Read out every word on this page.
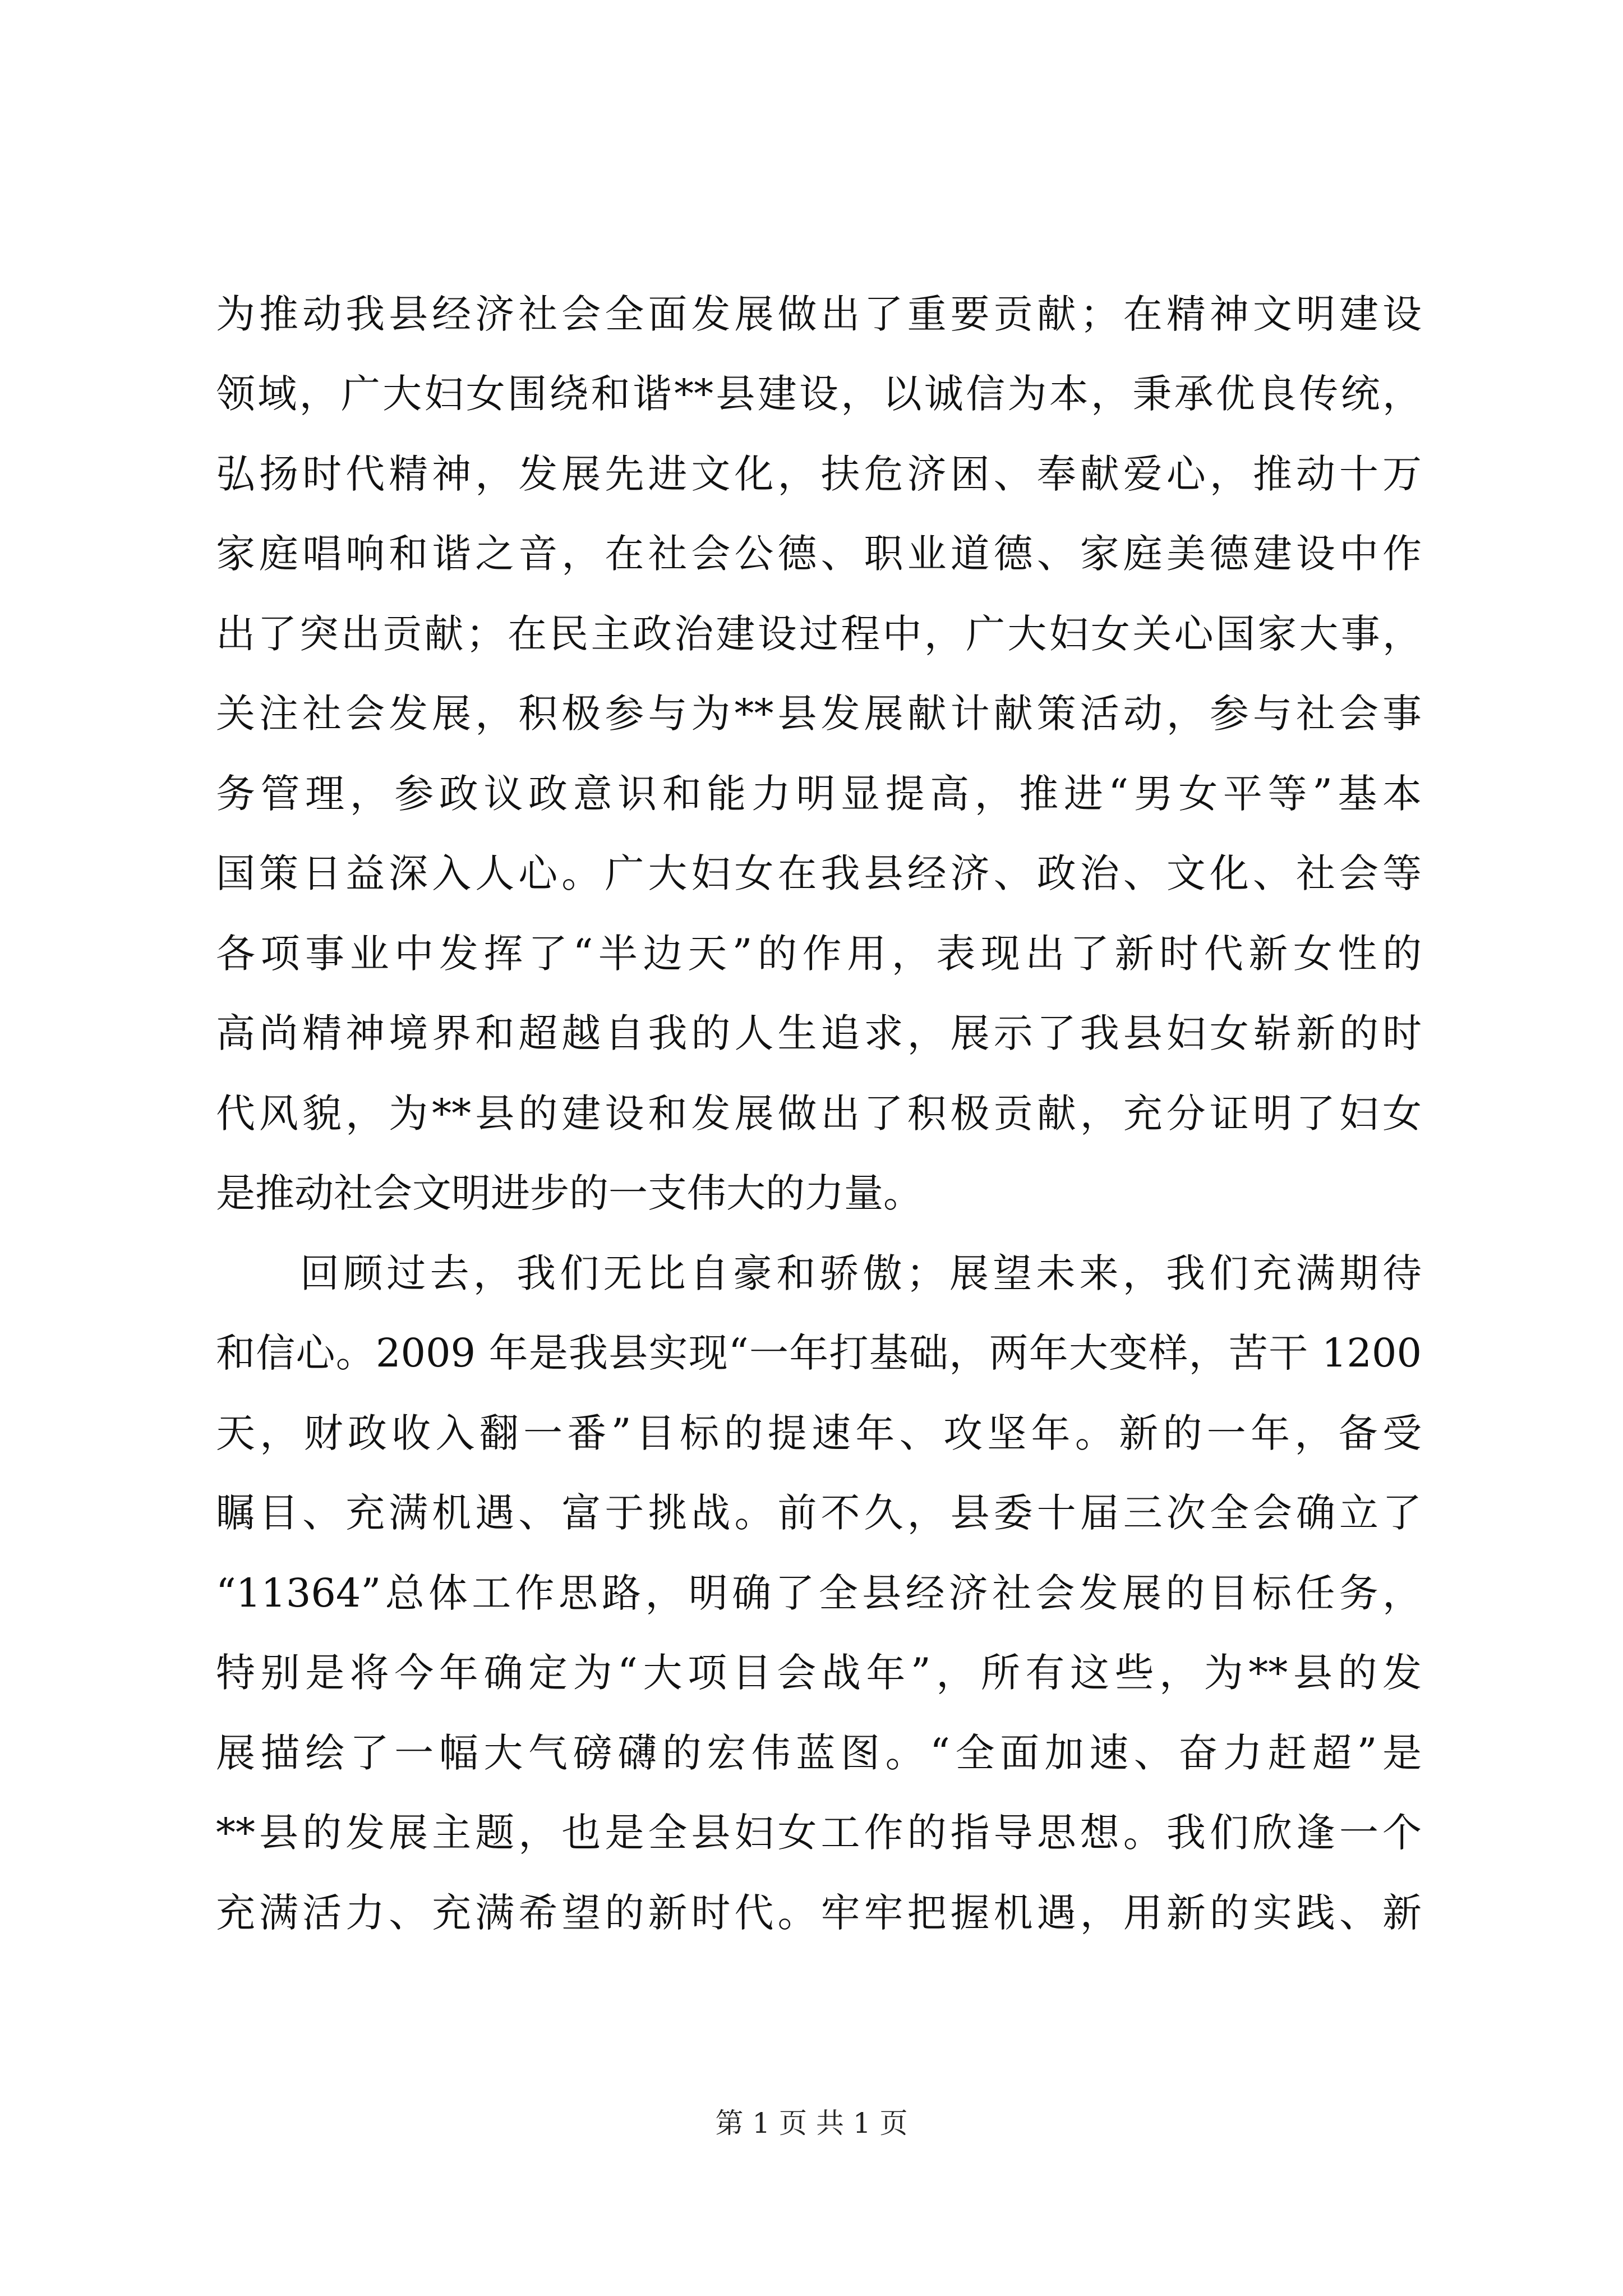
为推动我县经济社会全面发展做出了重要贡献；在精神文明建设
领域，广大妇女围绕和谐**县建设，以诚信为本，秉承优良传统，
弘扬时代精神，发展先进文化，扶危济困、奉献爱心，推动十万
家庭唱响和谐之音，在社会公德、职业道德、家庭美德建设中作
出了突出贡献；在民主政治建设过程中，广大妇女关心国家大事，
关注社会发展，积极参与为**县发展献计献策活动，参与社会事
务管理，参政议政意识和能力明显提高，推进“男女平等”基本
国策日益深入人心。广大妇女在我县经济、政治、文化、社会等
各项事业中发挥了“半边天”的作用，表现出了新时代新女性的
高尚精神境界和超越自我的人生追求，展示了我县妇女崭新的时
代风貌，为**县的建设和发展做出了积极贡献，充分证明了妇女
是推动社会文明进步的一支伟大的力量。
回顾过去，我们无比自豪和骄傲；展望未来，我们充满期待
和信心。2009 年是我县实现“一年打基础，两年大变样，苦干 1200
天，财政收入翻一番”目标的提速年、攻坚年。新的一年，备受
瞩目、充满机遇、富于挑战。前不久，县委十届三次全会确立了
“11364”总体工作思路，明确了全县经济社会发展的目标任务，
特别是将今年确定为“大项目会战年”，所有这些，为**县的发
展描绘了一幅大气磅礴的宏伟蓝图。“全面加速、奋力赶超”是
**县的发展主题，也是全县妇女工作的指导思想。我们欣逢一个
充满活力、充满希望的新时代。牢牢把握机遇，用新的实践、新
第 1 页 共 1 页
